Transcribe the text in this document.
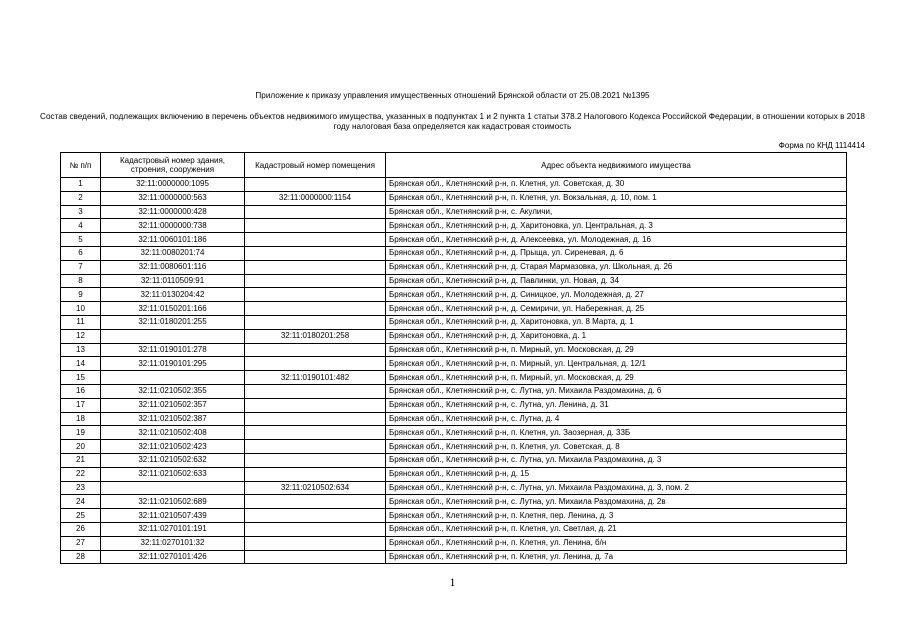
Приложение к приказу управления имущественных отношений Брянской области от 25.08.2021 №1395
Состав сведений, подлежащих включению в перечень объектов недвижимого имущества, указанных в подпунктах 1 и 2 пункта 1 статьи 378.2 Налогового Кодекса Российской Федерации, в отношении которых в 2018 году налоговая база определяется как кадастровая стоимость
Форма по КНД 1114414
№ п/п	Кадастровый номер здания, строения, сооружения	Кадастровый номер помещения	Адрес объекта недвижимого имущества
1	32:11:0000000:1095		Брянская обл., Клетнянский р-н, п. Клетня, ул. Советская, д. 30
2	32:11:0000000:563	32:11:0000000:1154	Брянская обл., Клетнянский р-н, п. Клетня, ул. Вокзальная, д. 10, пом. 1
3	32:11:0000000:428		Брянская обл., Клетнянский р-н, с. Акуличи,
4	32:11:0000000:738		Брянская обл., Клетнянский р-н, д. Харитоновка, ул. Центральная, д. 3
5	32:11:0060101:186		Брянская обл., Клетнянский р-н, д. Алексеевка, ул. Молодежная, д. 16
6	32:11:0080201:74		Брянская обл., Клетнянский р-н, д. Прыща, ул. Сиреневая, д. 6
7	32:11:0080601:116		Брянская обл., Клетнянский р-н, д. Старая Мармазовка, ул. Школьная, д. 26
8	32:11:0110509:91		Брянская обл., Клетнянский р-н, д. Павлинки, ул. Новая, д. 34
9	32:11:0130204:42		Брянская обл., Клетнянский р-н, д. Синицкое, ул. Молодежная, д. 27
10	32:11:0150201:166		Брянская обл., Клетнянский р-н, д. Семиричи, ул. Набережная, д. 25
11	32:11:0180201:255		Брянская обл., Клетнянский р-н, д. Харитоновка, ул. 8 Марта, д. 1
12		32:11:0180201:258	Брянская обл., Клетнянский р-н, д. Харитоновка, д. 1
13	32:11:0190101:278		Брянская обл., Клетнянский р-н, п. Мирный, ул. Московская, д. 29
14	32:11:0190101:295		Брянская обл., Клетнянский р-н, п. Мирный, ул. Центральная, д. 12/1
15		32:11:0190101:482	Брянская обл., Клетнянский р-н, п. Мирный, ул. Московская, д. 29
16	32:11:0210502:355		Брянская обл., Клетнянский р-н, с. Лутна, ул. Михаила Раздомахина, д. 6
17	32:11:0210502:357		Брянская обл., Клетнянский р-н, с. Лутна, ул. Ленина, д. 31
18	32:11:0210502:387		Брянская обл., Клетнянский р-н, с. Лутна, д. 4
19	32:11:0210502:408		Брянская обл., Клетнянский р-н, п. Клетня, ул. Заозерная, д. 33Б
20	32:11:0210502:423		Брянская обл., Клетнянский р-н, п. Клетня, ул. Советская, д. 8
21	32:11:0210502:632		Брянская обл., Клетнянский р-н, с. Лутна, ул. Михаила Раздомахина, д. 3
22	32:11:0210502:633		Брянская обл., Клетнянский р-н, д. 15
23		32:11:0210502:634	Брянская обл., Клетнянский р-н, с. Лутна, ул. Михаила Раздомахина, д. 3, пом. 2
24	32:11:0210502:689		Брянская обл., Клетнянский р-н, с. Лутна, ул. Михаила Раздомахина, д. 2в
25	32:11:0210507:439		Брянская обл., Клетнянский р-н, п. Клетня, пер. Ленина, д. 3
26	32:11:0270101:191		Брянская обл., Клетнянский р-н, п. Клетня, ул. Светлая, д. 21
27	32:11:0270101:32		Брянская обл., Клетнянский р-н, п. Клетня, ул. Ленина, б/н
28	32:11:0270101:426		Брянская обл., Клетнянский р-н, п. Клетня, ул. Ленина, д. 7а
1
